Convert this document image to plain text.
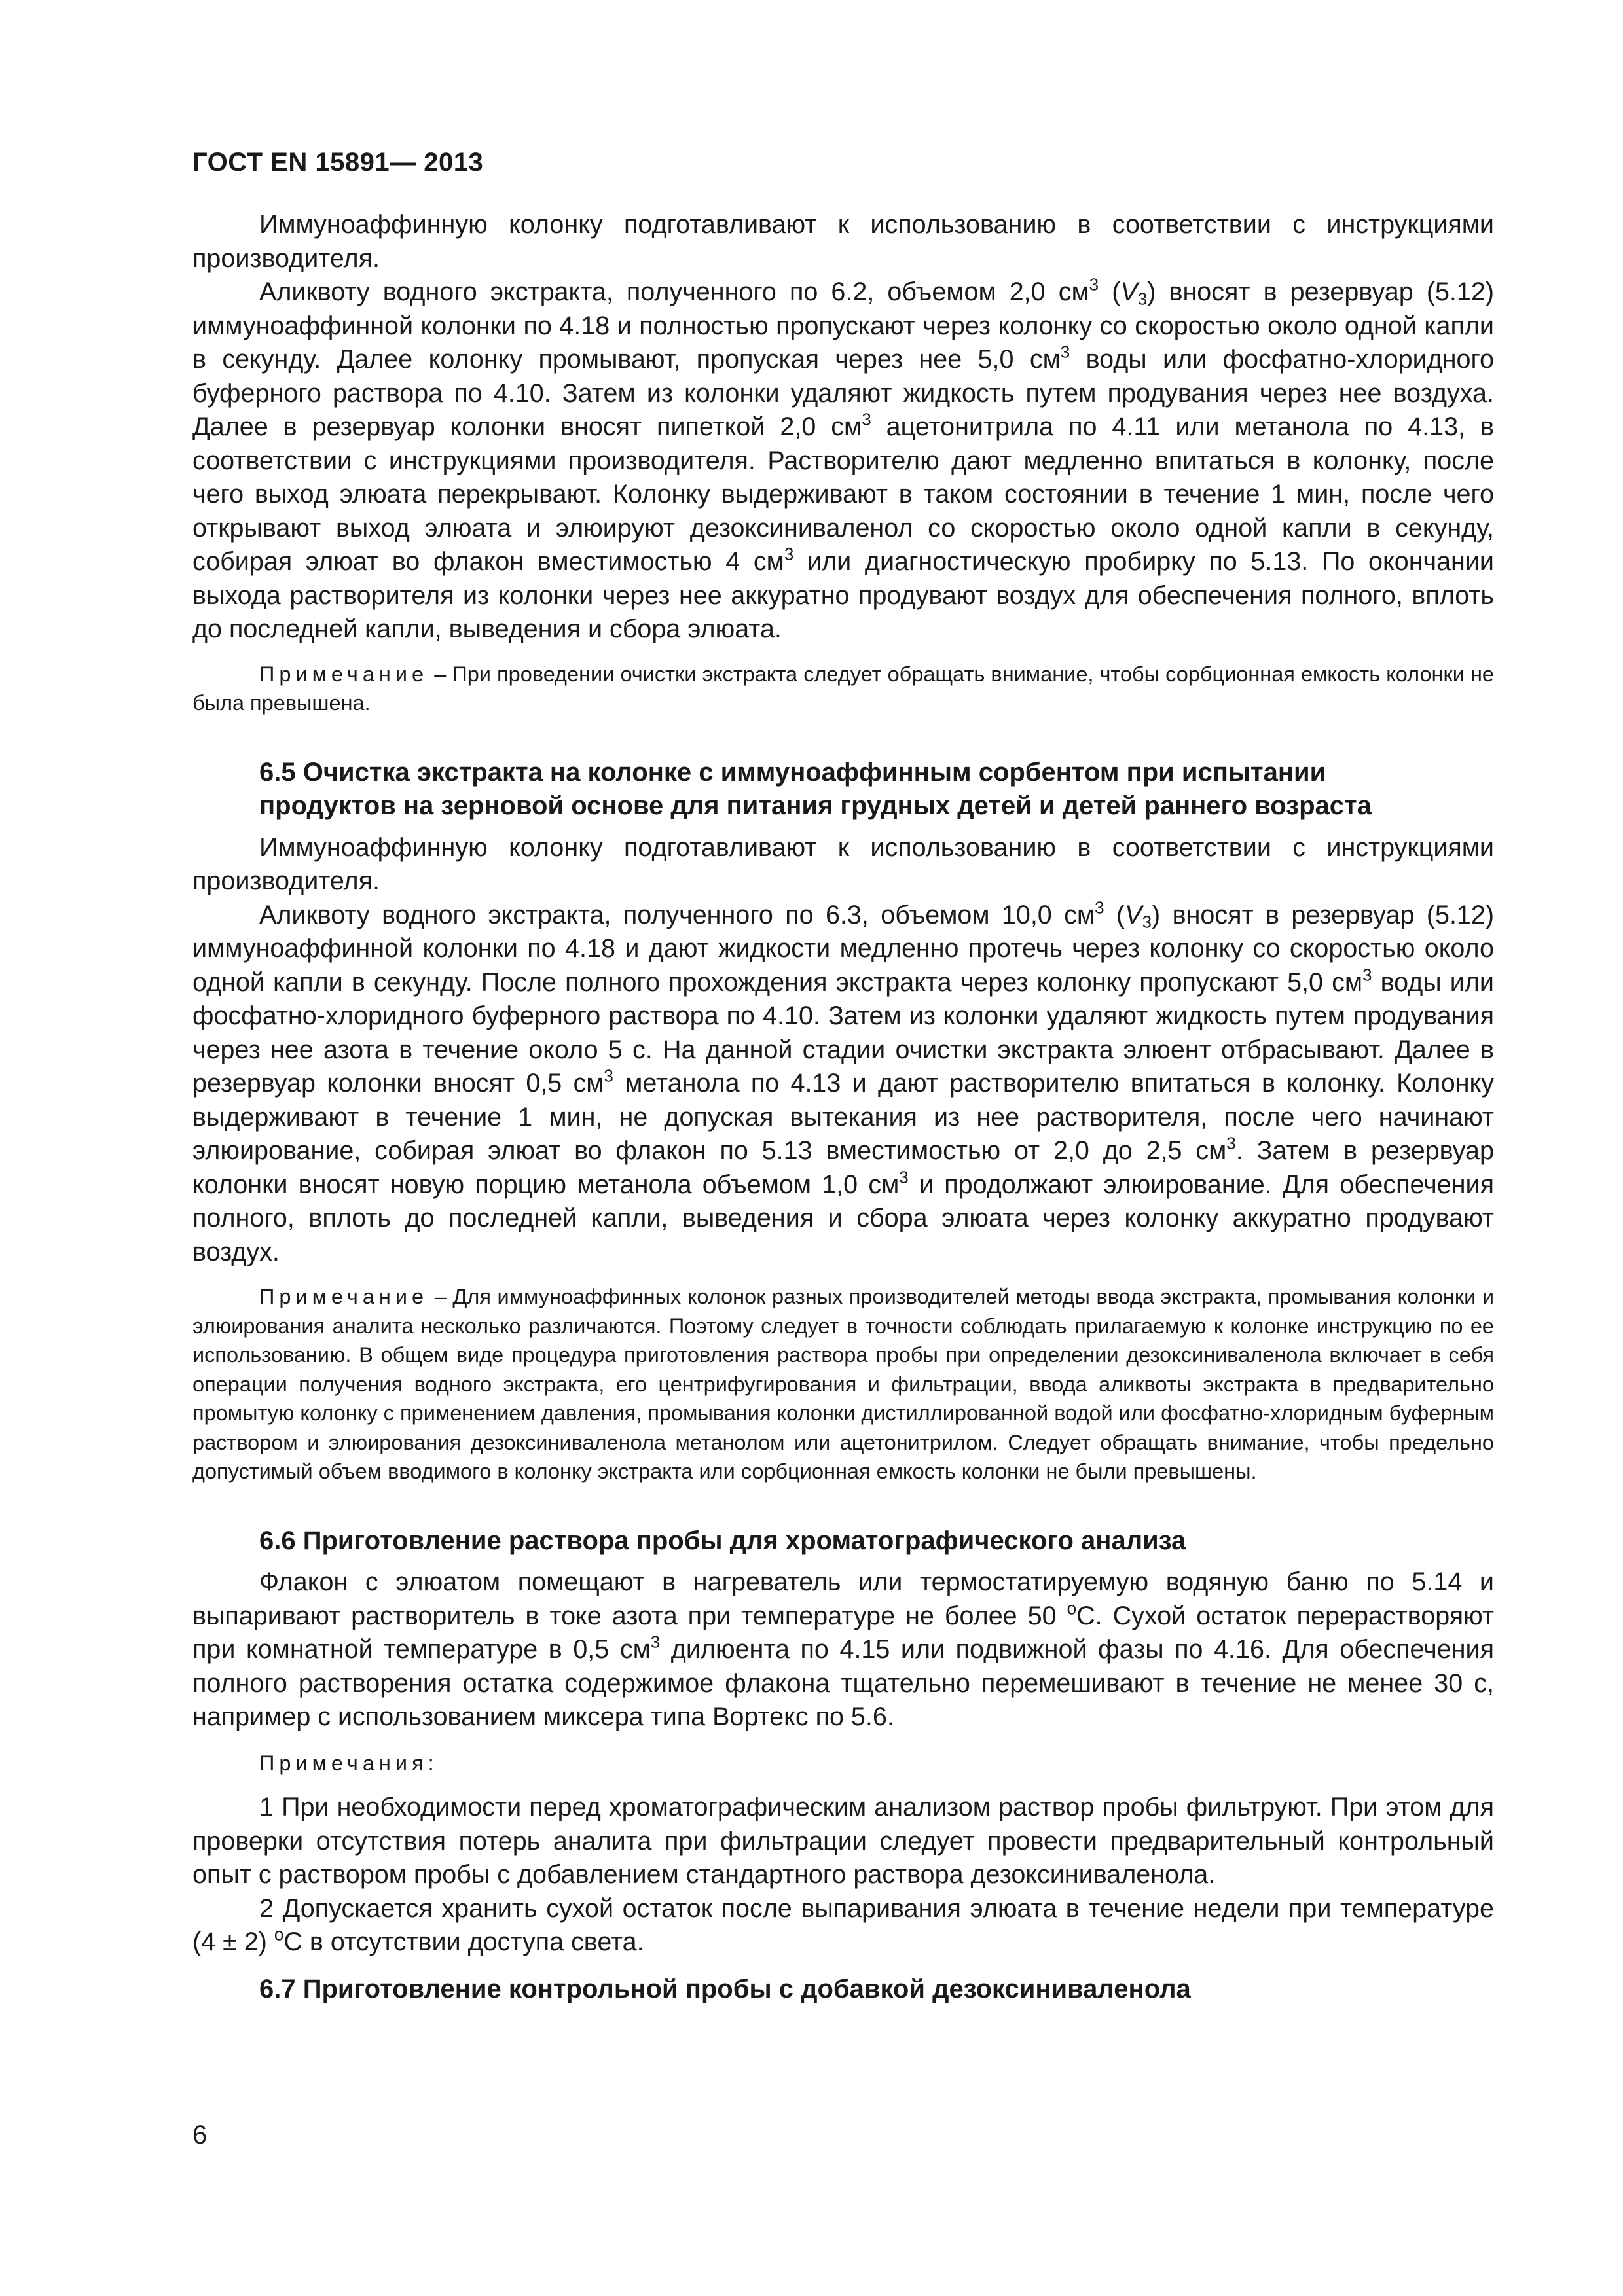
ГОСТ EN 15891— 2013

Иммуноаффинную колонку подготавливают к использованию в соответствии с инструкциями производителя.

Аликвоту водного экстракта, полученного по 6.2, объемом 2,0 $см^3$ $(V_3)$ вносят в резервуар (5.12) иммуноаффинной колонки по 4.18 и полностью пропускают через колонку со скоростью около одной капли в секунду. Далее колонку промывают, пропуская через нее 5,0 $см^3$ воды или фосфатно-хлоридного буферного раствора по 4.10. Затем из колонки удаляют жидкость путем продувания через нее воздуха. Далее в резервуар колонки вносят пипеткой 2,0 $см^3$ ацетонитрила по 4.11 или метанола по 4.13, в соответствии с инструкциями производителя. Растворителю дают медленно впитаться в колонку, после чего выход элюата перекрывают. Колонку выдерживают в таком состоянии в течение 1 мин, после чего открывают выход элюата и элюируют дезоксиниваленол со скоростью около одной капли в секунду, собирая элюат во флакон вместимостью 4 $см^3$ или диагностическую пробирку по 5.13. По окончании выхода растворителя из колонки через нее аккуратно продувают воздух для обеспечения полного, вплоть до последней капли, выведения и сбора элюата.

Примечание – При проведении очистки экстракта следует обращать внимание, чтобы сорбционная емкость колонки не была превышена.

6.5 Очистка экстракта на колонке с иммуноаффинным сорбентом при испытании
продуктов на зерновой основе для питания грудных детей и детей раннего возраста

Иммуноаффинную колонку подготавливают к использованию в соответствии с инструкциями производителя.

Аликвоту водного экстракта, полученного по 6.3, объемом 10,0 $см^3$ $(V_3)$ вносят в резервуар (5.12) иммуноаффинной колонки по 4.18 и дают жидкости медленно протечь через колонку со скоростью около одной капли в секунду. После полного прохождения экстракта через колонку пропускают 5,0 $см^3$ воды или фосфатно-хлоридного буферного раствора по 4.10. Затем из колонки удаляют жидкость путем продувания через нее азота в течение около 5 с. На данной стадии очистки экстракта элюент отбрасывают. Далее в резервуар колонки вносят 0,5 $см^3$ метанола по 4.13 и дают растворителю впитаться в колонку. Колонку выдерживают в течение 1 мин, не допуская вытекания из нее растворителя, после чего начинают элюирование, собирая элюат во флакон по 5.13 вместимостью от 2,0 до 2,5 $см^3$. Затем в резервуар колонки вносят новую порцию метанола объемом 1,0 $см^3$ и продолжают элюирование. Для обеспечения полного, вплоть до последней капли, выведения и сбора элюата через колонку аккуратно продувают воздух.

Примечание – Для иммуноаффинных колонок разных производителей методы ввода экстракта, промывания колонки и элюирования аналита несколько различаются. Поэтому следует в точности соблюдать прилагаемую к колонке инструкцию по ее использованию. В общем виде процедура приготовления раствора пробы при определении дезоксиниваленола включает в себя операции получения водного экстракта, его центрифугирования и фильтрации, ввода аликвоты экстракта в предварительно промытую колонку с применением давления, промывания колонки дистиллированной водой или фосфатно-хлоридным буферным раствором и элюирования дезоксиниваленола метанолом или ацетонитрилом. Следует обращать внимание, чтобы предельно допустимый объем вводимого в колонку экстракта или сорбционная емкость колонки не были превышены.

6.6 Приготовление раствора пробы для хроматографического анализа

Флакон с элюатом помещают в нагреватель или термостатируемую водяную баню по 5.14 и выпаривают растворитель в токе азота при температуре не более 50 $^o$С. Сухой остаток перерастворяют при комнатной температуре в 0,5 $см^3$ дилюента по 4.15 или подвижной фазы по 4.16. Для обеспечения полного растворения остатка содержимое флакона тщательно перемешивают в течение не менее 30 с, например с использованием миксера типа Вортекс по 5.6.

Примечания:

1 При необходимости перед хроматографическим анализом раствор пробы фильтруют. При этом для проверки отсутствия потерь аналита при фильтрации следует провести предварительный контрольный опыт с раствором пробы с добавлением стандартного раствора дезоксиниваленола.

2 Допускается хранить сухой остаток после выпаривания элюата в течение недели при температуре (4 ± 2) $^o$С в отсутствии доступа света.

6.7 Приготовление контрольной пробы с добавкой дезоксиниваленола
6
